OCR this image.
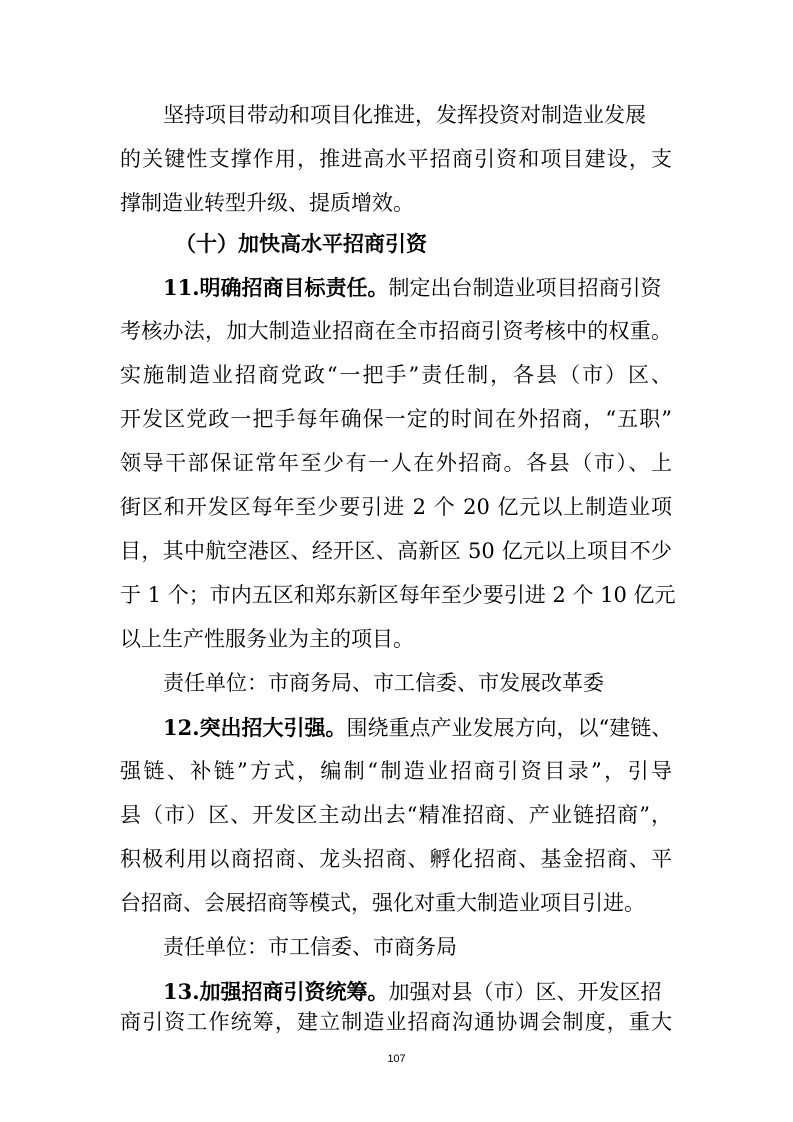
坚持项目带动和项目化推进，发挥投资对制造业发展
的关键性支撑作用，推进高水平招商引资和项目建设，支
撑制造业转型升级、提质增效。
（十）加快高水平招商引资
11.明确招商目标责任。制定出台制造业项目招商引资
考核办法，加大制造业招商在全市招商引资考核中的权重。
实施制造业招商党政“一把手”责任制，各县（市）区、
开发区党政一把手每年确保一定的时间在外招商，“五职”
领导干部保证常年至少有一人在外招商。各县（市）、上
街区和开发区每年至少要引进 2 个 20 亿元以上制造业项
目，其中航空港区、经开区、高新区 50 亿元以上项目不少
于 1 个；市内五区和郑东新区每年至少要引进 2 个 10 亿元
以上生产性服务业为主的项目。
责任单位：市商务局、市工信委、市发展改革委
12.突出招大引强。围绕重点产业发展方向，以“建链、
强链、补链”方式，编制“制造业招商引资目录”，引导
县（市）区、开发区主动出去“精准招商、产业链招商”，
积极利用以商招商、龙头招商、孵化招商、基金招商、平
台招商、会展招商等模式，强化对重大制造业项目引进。
责任单位：市工信委、市商务局
13.加强招商引资统筹。加强对县（市）区、开发区招
商引资工作统筹，建立制造业招商沟通协调会制度，重大
107
